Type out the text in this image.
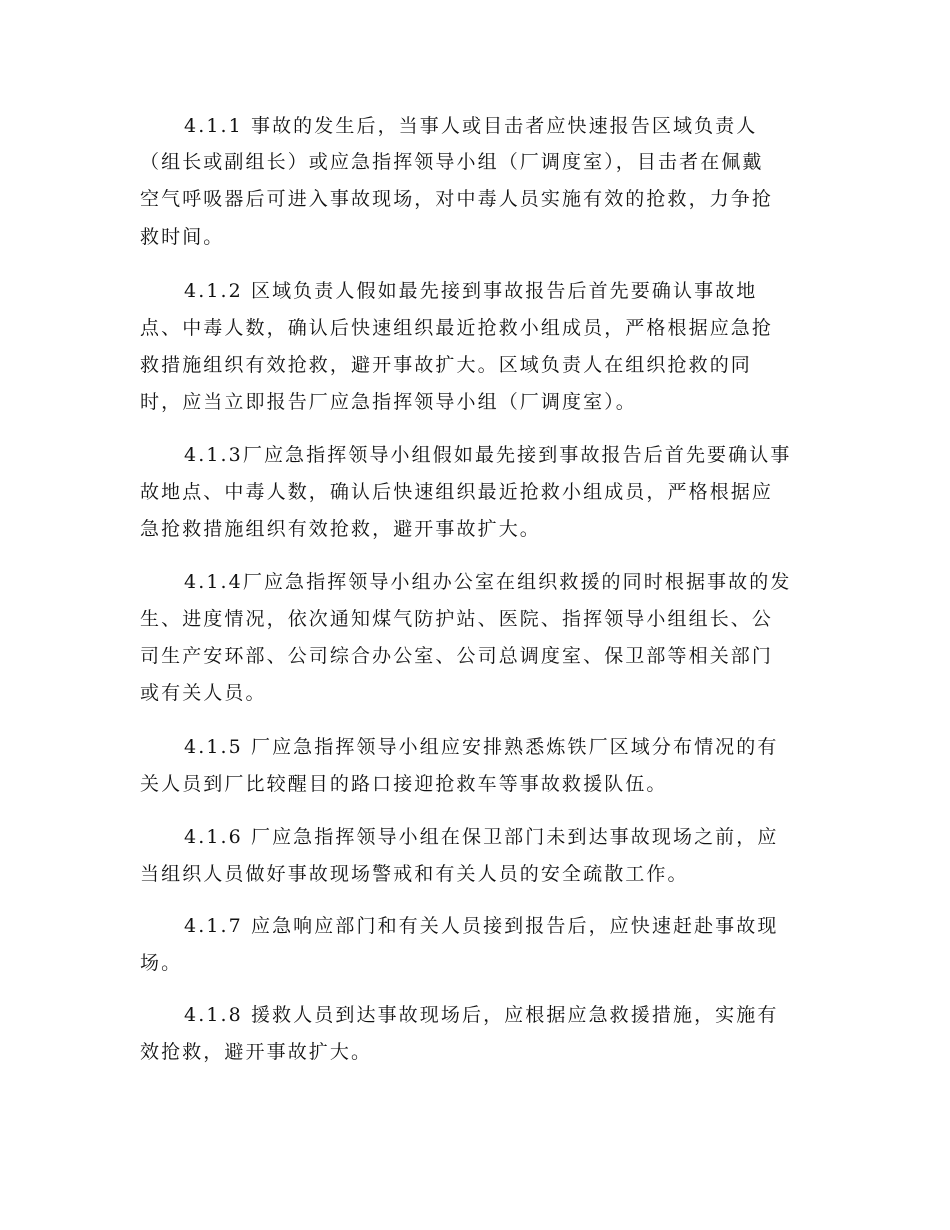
4.1.1 事故的发生后，当事人或目击者应快速报告区域负责人
（组长或副组长）或应急指挥领导小组（厂调度室），目击者在佩戴
空气呼吸器后可进入事故现场，对中毒人员实施有效的抢救，力争抢
救时间。
4.1.2 区域负责人假如最先接到事故报告后首先要确认事故地
点、中毒人数，确认后快速组织最近抢救小组成员，严格根据应急抢
救措施组织有效抢救，避开事故扩大。区域负责人在组织抢救的同
时，应当立即报告厂应急指挥领导小组（厂调度室）。
4.1.3厂应急指挥领导小组假如最先接到事故报告后首先要确认事
故地点、中毒人数，确认后快速组织最近抢救小组成员，严格根据应
急抢救措施组织有效抢救，避开事故扩大。
4.1.4厂应急指挥领导小组办公室在组织救援的同时根据事故的发
生、进度情况，依次通知煤气防护站、医院、指挥领导小组组长、公
司生产安环部、公司综合办公室、公司总调度室、保卫部等相关部门
或有关人员。
4.1.5 厂应急指挥领导小组应安排熟悉炼铁厂区域分布情况的有
关人员到厂比较醒目的路口接迎抢救车等事故救援队伍。
4.1.6 厂应急指挥领导小组在保卫部门未到达事故现场之前，应
当组织人员做好事故现场警戒和有关人员的安全疏散工作。
4.1.7 应急响应部门和有关人员接到报告后，应快速赶赴事故现
场。
4.1.8 援救人员到达事故现场后，应根据应急救援措施，实施有
效抢救，避开事故扩大。
